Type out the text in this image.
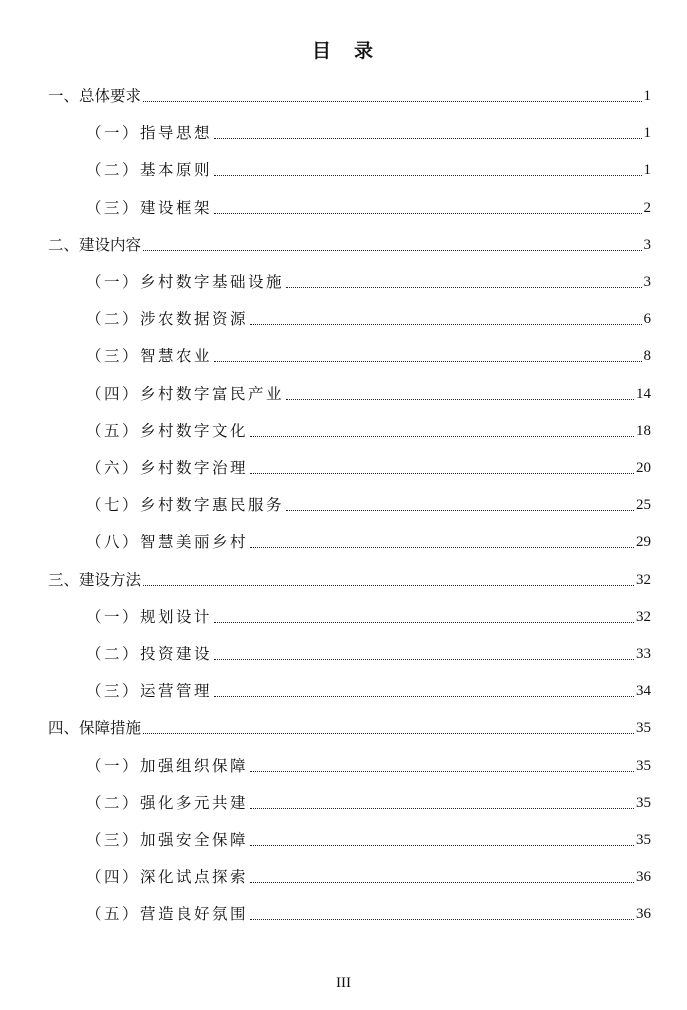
目　录
一、总体要求	1
（一）指导思想	1
（二）基本原则	1
（三）建设框架	2
二、建设内容	3
（一）乡村数字基础设施	3
（二）涉农数据资源	6
（三）智慧农业	8
（四）乡村数字富民产业	14
（五）乡村数字文化	18
（六）乡村数字治理	20
（七）乡村数字惠民服务	25
（八）智慧美丽乡村	29
三、建设方法	32
（一）规划设计	32
（二）投资建设	33
（三）运营管理	34
四、保障措施	35
（一）加强组织保障	35
（二）强化多元共建	35
（三）加强安全保障	35
（四）深化试点探索	36
（五）营造良好氛围	36
III
